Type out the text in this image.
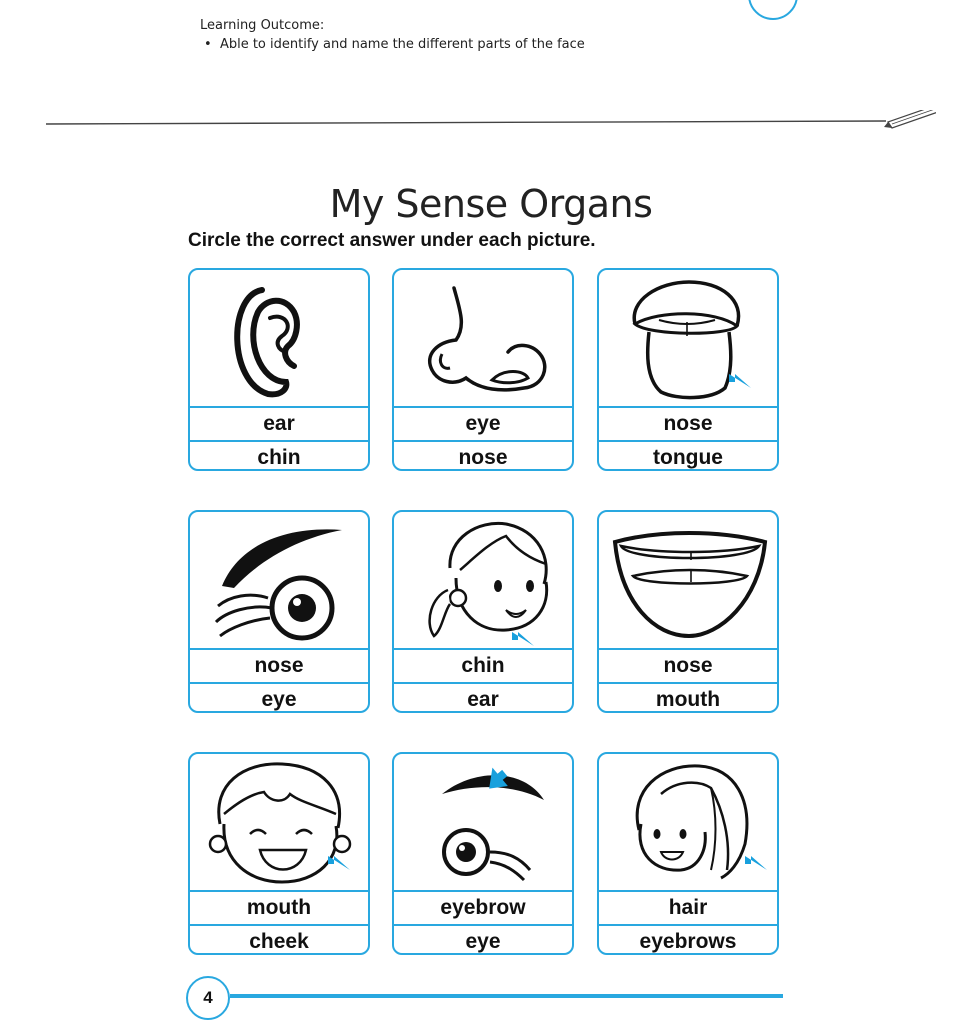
Learning Outcome:
•  Able to identify and name the different parts of the face
My Sense Organs
Circle the correct answer under each picture.
ear
chin
eye
nose
nose
tongue
nose
eye
chin
ear
nose
mouth
mouth
cheek
eyebrow
eye
hair
eyebrows
4
